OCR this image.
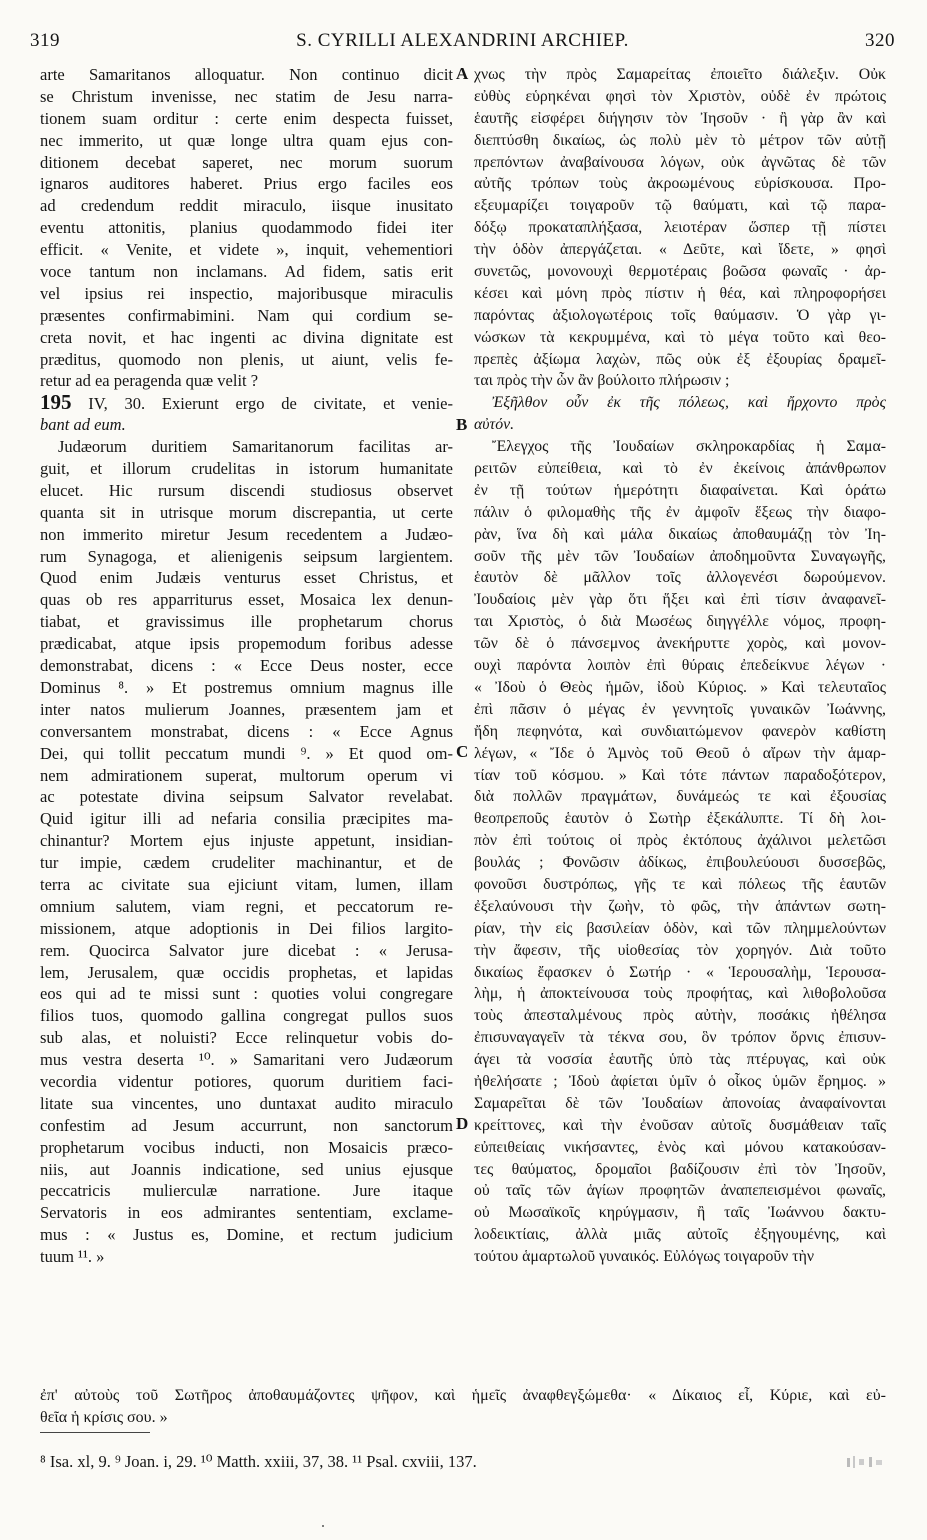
319	S. CYRILLI ALEXANDRINI ARCHIEP.	320
arte Samaritanos alloquatur. Non continuo dicit
se Christum invenisse, nec statim de Jesu narra-
tionem suam orditur : certe enim despecta fuisset,
nec immerito, ut quæ longe ultra quam ejus con-
ditionem decebat saperet, nec morum suorum
ignaros auditores haberet. Prius ergo faciles eos
ad credendum reddit miraculo, iisque inusitato
eventu attonitis, planius quodammodo fidei iter
efficit. « Venite, et videte », inquit, vehementiori
voce tantum non inclamans. Ad fidem, satis erit
vel ipsius rei inspectio, majoribusque miraculis
præsentes confirmabimini. Nam qui cordium se-
creta novit, et hac ingenti ac divina dignitate est
præditus, quomodo non plenis, ut aiunt, velis fe-
retur ad ea peragenda quæ velit ?
195 IV, 30. Exierunt ergo de civitate, et venie-
bant ad eum.
Judæorum duritiem Samaritanorum facilitas ar-
guit, et illorum crudelitas in istorum humanitate
elucet. Hic rursum discendi studiosus observet
quanta sit in utrisque morum discrepantia, ut certe
non immerito miretur Jesum recedentem a Judæo-
rum Synagoga, et alienigenis seipsum largientem.
Quod enim Judæis venturus esset Christus, et
quas ob res apparriturus esset, Mosaica lex denun-
tiabat, et gravissimus ille prophetarum chorus
prædicabat, atque ipsis propemodum foribus adesse
demonstrabat, dicens : « Ecce Deus noster, ecce
Dominus ⁸. » Et postremus omnium magnus ille
inter natos mulierum Joannes, præsentem jam et
conversantem monstrabat, dicens : « Ecce Agnus
Dei, qui tollit peccatum mundi ⁹. » Et quod om-
nem admirationem superat, multorum operum vi
ac potestate divina seipsum Salvator revelabat.
Quid igitur illi ad nefaria consilia præcipites ma-
chinantur? Mortem ejus injuste appetunt, insidian-
tur impie, cædem crudeliter machinantur, et de
terra ac civitate sua ejiciunt vitam, lumen, illam
omnium salutem, viam regni, et peccatorum re-
missionem, atque adoptionis in Dei filios largito-
rem. Quocirca Salvator jure dicebat : « Jerusa-
lem, Jerusalem, quæ occidis prophetas, et lapidas
eos qui ad te missi sunt : quoties volui congregare
filios tuos, quomodo gallina congregat pullos suos
sub alas, et noluisti? Ecce relinquetur vobis do-
mus vestra deserta ¹⁰. » Samaritani vero Judæorum
vecordia videntur potiores, quorum duritiem faci-
litate sua vincentes, uno duntaxat audito miraculo
confestim ad Jesum accurrunt, non sanctorum
prophetarum vocibus inducti, non Mosaicis præco-
niis, aut Joannis indicatione, sed unius ejusque
peccatricis mulierculæ narratione. Jure itaque
Servatoris in eos admirantes sententiam, exclame-
mus : « Justus es, Domine, et rectum judicium
tuum ¹¹. »
χνως τὴν πρὸς Σαμαρείτας ἐποιεῖτο διάλεξιν. Οὐκ
εὐθὺς εὑρηκέναι φησὶ τὸν Χριστὸν, οὐδὲ ἐν πρώτοις
ἑαυτῆς εἰσφέρει διήγησιν τὸν Ἰησοῦν · ἢ γὰρ ἂν καὶ
διεπτύσθη δικαίως, ὡς πολὺ μὲν τὸ μέτρον τῶν αὐτῇ
πρεπόντων ἀναβαίνουσα λόγων, οὐκ ἀγνῶτας δὲ τῶν
αὐτῆς τρόπων τοὺς ἀκροωμένους εὑρίσκουσα. Προ-
εξευμαρίζει τοιγαροῦν τῷ θαύματι, καὶ τῷ παρα-
δόξῳ προκαταπλήξασα, λειοτέραν ὥσπερ τῇ πίστει
τὴν ὁδὸν ἀπεργάζεται. « Δεῦτε, καὶ ἴδετε, » φησὶ
συνετῶς, μονονουχὶ θερμοτέραις βοῶσα φωναῖς · ἀρ-
κέσει καὶ μόνη πρὸς πίστιν ἡ θέα, καὶ πληροφορήσει
παρόντας ἀξιολογωτέροις τοῖς θαύμασιν. Ὁ γὰρ γι-
νώσκων τὰ κεκρυμμένα, καὶ τὸ μέγα τοῦτο καὶ θεο-
πρεπὲς ἀξίωμα λαχὼν, πῶς οὐκ ἐξ ἐξουρίας δραμεῖ-
ται πρὸς τὴν ὧν ἂν βούλοιτο πλήρωσιν ;
Ἐξῆλθον οὖν ἐκ τῆς πόλεως, καὶ ἤρχοντο πρὸς
αὐτόν.
Ἔλεγχος τῆς Ἰουδαίων σκληροκαρδίας ἡ Σαμα-
ρειτῶν εὐπείθεια, καὶ τὸ ἐν ἐκείνοις ἀπάνθρωπον
ἐν τῇ τούτων ἡμερότητι διαφαίνεται. Καὶ ὁράτω
πάλιν ὁ φιλομαθὴς τῆς ἐν ἀμφοῖν ἕξεως τὴν διαφο-
ρὰν, ἵνα δὴ καὶ μάλα δικαίως ἀποθαυμάζῃ τὸν Ἰη-
σοῦν τῆς μὲν τῶν Ἰουδαίων ἀποδημοῦντα Συναγωγῆς,
ἑαυτὸν δὲ μᾶλλον τοῖς ἀλλογενέσι δωρούμενον.
Ἰουδαίοις μὲν γὰρ ὅτι ἥξει καὶ ἐπὶ τίσιν ἀναφανεῖ-
ται Χριστὸς, ὁ διὰ Μωσέως διηγγέλλε νόμος, προφη-
τῶν δὲ ὁ πάνσεμνος ἀνεκήρυττε χορὸς, καὶ μονον-
ουχὶ παρόντα λοιπὸν ἐπὶ θύραις ἐπεδείκνυε λέγων ·
« Ἰδοὺ ὁ Θεὸς ἡμῶν, ἰδοὺ Κύριος. » Καὶ τελευταῖος
ἐπὶ πᾶσιν ὁ μέγας ἐν γεννητοῖς γυναικῶν Ἰωάννης,
ἤδη πεφηνότα, καὶ συνδιαιτώμενον φανερὸν καθίστη
λέγων, « Ἴδε ὁ Ἀμνὸς τοῦ Θεοῦ ὁ αἴρων τὴν ἁμαρ-
τίαν τοῦ κόσμου. » Καὶ τότε πάντων παραδοξότερον,
διὰ πολλῶν πραγμάτων, δυνάμεώς τε καὶ ἐξουσίας
θεοπρεποῦς ἑαυτὸν ὁ Σωτὴρ ἐξεκάλυπτε. Τί δὴ λοι-
πὸν ἐπὶ τούτοις οἱ πρὸς ἐκτόπους ἀχάλινοι μελετῶσι
βουλάς ; Φονῶσιν ἀδίκως, ἐπιβουλεύουσι δυσσεβῶς,
φονοῦσι δυστρόπως, γῆς τε καὶ πόλεως τῆς ἑαυτῶν
ἐξελαύνουσι τὴν ζωὴν, τὸ φῶς, τὴν ἁπάντων σωτη-
ρίαν, τὴν εἰς βασιλείαν ὁδὸν, καὶ τῶν πλημμελούντων
τὴν ἄφεσιν, τῆς υἱοθεσίας τὸν χορηγόν. Διὰ τοῦτο
δικαίως ἔφασκεν ὁ Σωτήρ · « Ἱερουσαλὴμ, Ἱερουσα-
λὴμ, ἡ ἀποκτείνουσα τοὺς προφήτας, καὶ λιθοβολοῦσα
τοὺς ἀπεσταλμένους πρὸς αὐτὴν, ποσάκις ἠθέλησα
ἐπισυναγαγεῖν τὰ τέκνα σου, ὃν τρόπον ὄρνις ἐπισυν-
άγει τὰ νοσσία ἑαυτῆς ὑπὸ τὰς πτέρυγας, καὶ οὐκ
ἠθελήσατε ; Ἰδοὺ ἀφίεται ὑμῖν ὁ οἶκος ὑμῶν ἔρημος. »
Σαμαρεῖται δὲ τῶν Ἰουδαίων ἀπονοίας ἀναφαίνονται
κρείττονες, καὶ τὴν ἐνοῦσαν αὐτοῖς δυσμάθειαν ταῖς
εὐπειθείαις νικήσαντες, ἑνὸς καὶ μόνου κατακούσαν-
τες θαύματος, δρομαῖοι βαδίζουσιν ἐπὶ τὸν Ἰησοῦν,
οὐ ταῖς τῶν ἁγίων προφητῶν ἀναπεπεισμένοι φωναῖς,
οὐ Μωσαϊκοῖς κηρύγμασιν, ἢ ταῖς Ἰωάννου δακτυ-
λοδεικτίαις, ἀλλὰ μιᾶς αὐτοῖς ἐξηγουμένης, καὶ
τούτου ἁμαρτωλοῦ γυναικός. Εὐλόγως τοιγαροῦν τὴν
A
B
C
D
ἐπ' αὐτοὺς τοῦ Σωτῆρος ἀποθαυμάζοντες ψῆφον, καὶ ἡμεῖς ἀναφθεγξώμεθα· « Δίκαιος εἶ, Κύριε, καὶ εὐ-
θεῖα ἡ κρίσις σου. »
⁸ Isa. xl, 9. ⁹ Joan. i, 29. ¹⁰ Matth. xxiii, 37, 38. ¹¹ Psal. cxviii, 137.
